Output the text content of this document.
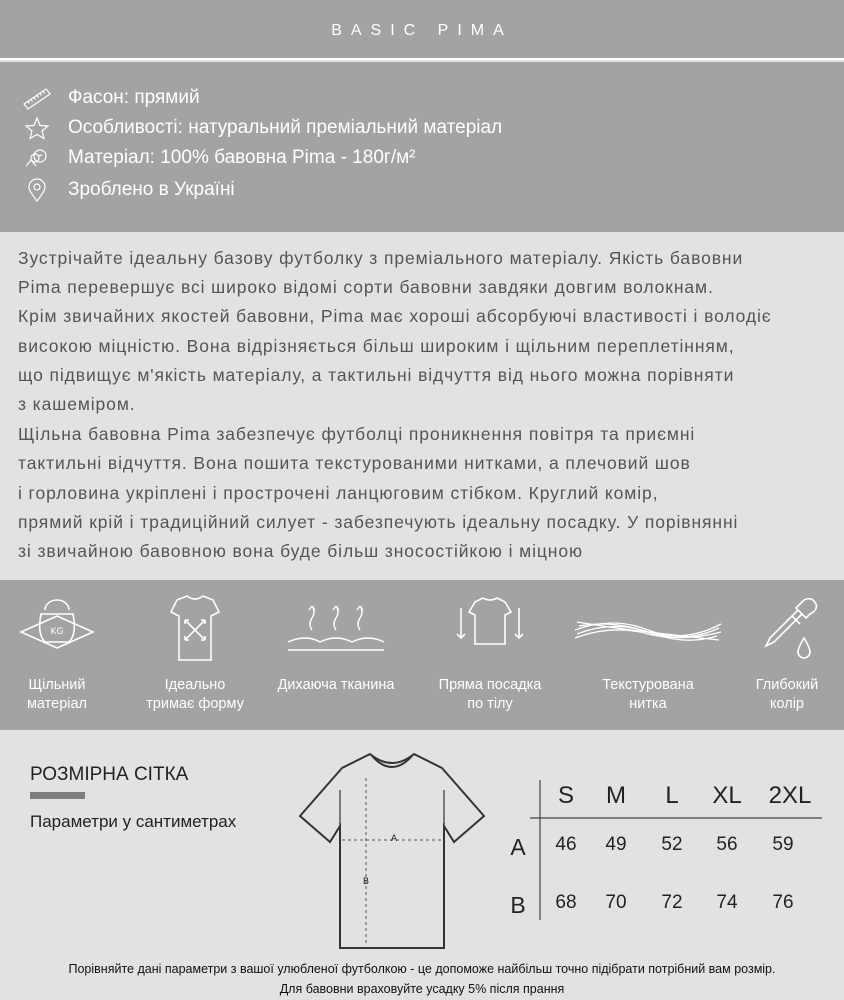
BASIC PIMA
Фасон: прямий
Особливості: натуральний преміальний матеріал
Матеріал: 100% бавовна Pima - 180г/м²
Зроблено в Україні
Зустрічайте ідеальну базову футболку з преміального матеріалу. Якість бавовни
Pima перевершує всі широко відомі сорти бавовни завдяки довгим волокнам.
Крім звичайних якостей бавовни, Pima має хороші абсорбуючі властивості і володіє
високою міцністю. Вона відрізняється більш широким і щільним переплетінням,
що підвищує м'якість матеріалу, а тактильні відчуття від нього можна порівняти
з кашеміром.
Щільна бавовна Pima забезпечує футболці проникнення повітря та приємні
тактильні відчуття. Вона пошита текстурованими нитками, а плечовий шов
і горловина укріплені і прострочені ланцюговим стібком. Круглий комір,
прямий крій і традиційний силует - забезпечують ідеальну посадку. У порівнянні
зі звичайною бавовною вона буде більш зносостійкою і міцною
KG
Щільний
матеріал
Ідеально
тримає форму
Дихаюча тканина	Пряма посадка
по тілу
Текстурована
нитка
Глибокий
колір
РОЗМІРНА СІТКА
Параметри у сантиметрах
A
B
S	M	L	XL	2XL
A	46	49	52	56	59
B	68	70	72	74	76
Порівняйте дані параметри з вашої улюбленої футболкою - це допоможе найбільш точно підібрати потрібний вам розмір.
Для бавовни враховуйте усадку 5% після прання
